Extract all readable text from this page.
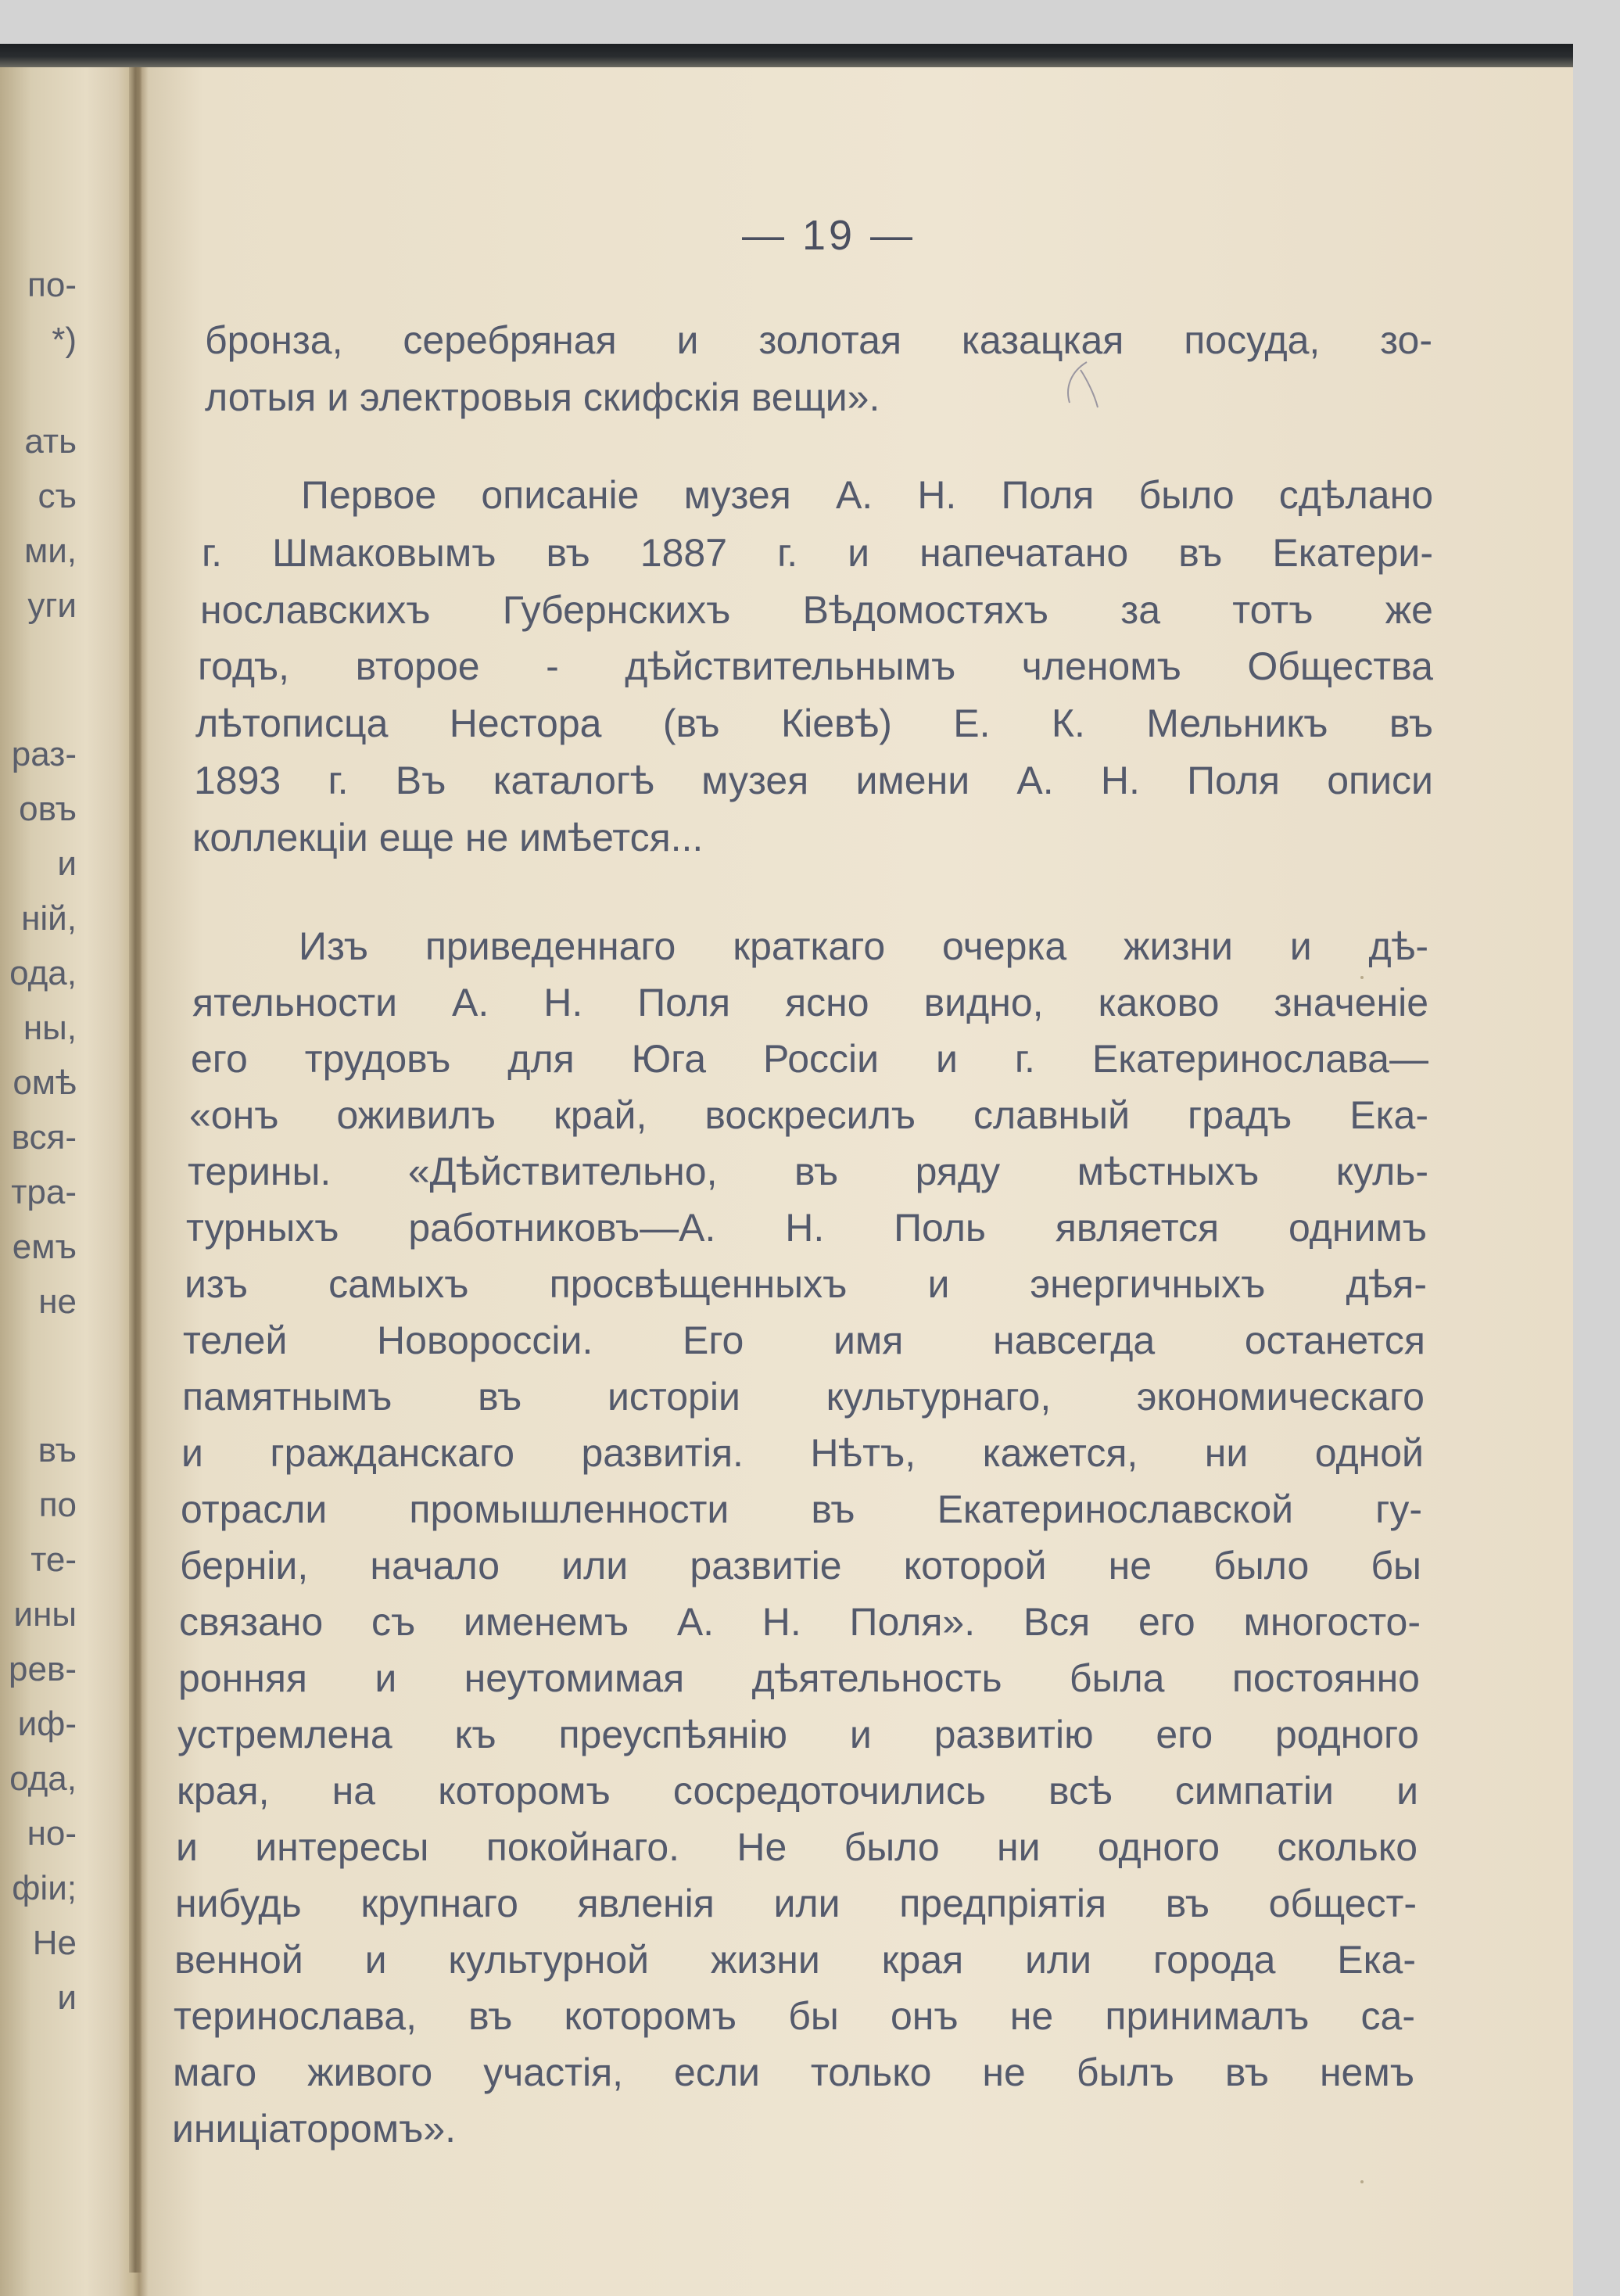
по-
*)
ать
съ
ми,
уги
раз-
овъ
и
ній,
ода,
ны,
омѣ
вся-
тра-
емъ
не
въ
по
те-
ины
рев-
иф-
ода,
но-
фіи;
Не
и
— 19 —

бронза, серебряная и золотая казацкая посуда, зо-

лотыя и электровыя скифскія вещи».

Первое описаніе музея А. Н. Поля было сдѣлано

г. Шмаковымъ въ 1887 г. и напечатано въ Екатери-

нославскихъ Губернскихъ Вѣдомостяхъ за тотъ же

годъ, второе - дѣйствительнымъ членомъ Общества

лѣтописца Нестора (въ Кіевѣ) Е. К. Мельникъ въ

1893 г. Въ каталогѣ музея имени А. Н. Поля описи

коллекціи еще не имѣется...

Изъ приведеннаго краткаго очерка жизни и дѣ-

ятельности А. Н. Поля ясно видно, каково значеніе

его трудовъ для Юга Россіи и г. Екатеринослава—

«онъ оживилъ край, воскресилъ славный градъ Ека-

терины. «Дѣйствительно, въ ряду мѣстныхъ куль-

турныхъ работниковъ—А. Н. Поль является однимъ

изъ самыхъ просвѣщенныхъ и энергичныхъ дѣя-

телей Новороссіи. Его имя навсегда останется

памятнымъ въ исторіи культурнаго, экономическаго

и гражданскаго развитія. Нѣтъ, кажется, ни одной

отрасли промышленности въ Екатеринославской гу-

берніи, начало или развитіе которой не было бы

связано съ именемъ А. Н. Поля». Вся его многосто-

ронняя и неутомимая дѣятельность была постоянно

устремлена къ преуспѣянію и развитію его родного

края, на которомъ сосредоточились всѣ симпатіи и

и интересы покойнаго. Не было ни одного сколько

нибудь крупнаго явленія или предпріятія въ общест-

венной и культурной жизни края или города Ека-

теринослава, въ которомъ бы онъ не принималъ са-

маго живого участія, если только не былъ въ немъ

иниціаторомъ».
